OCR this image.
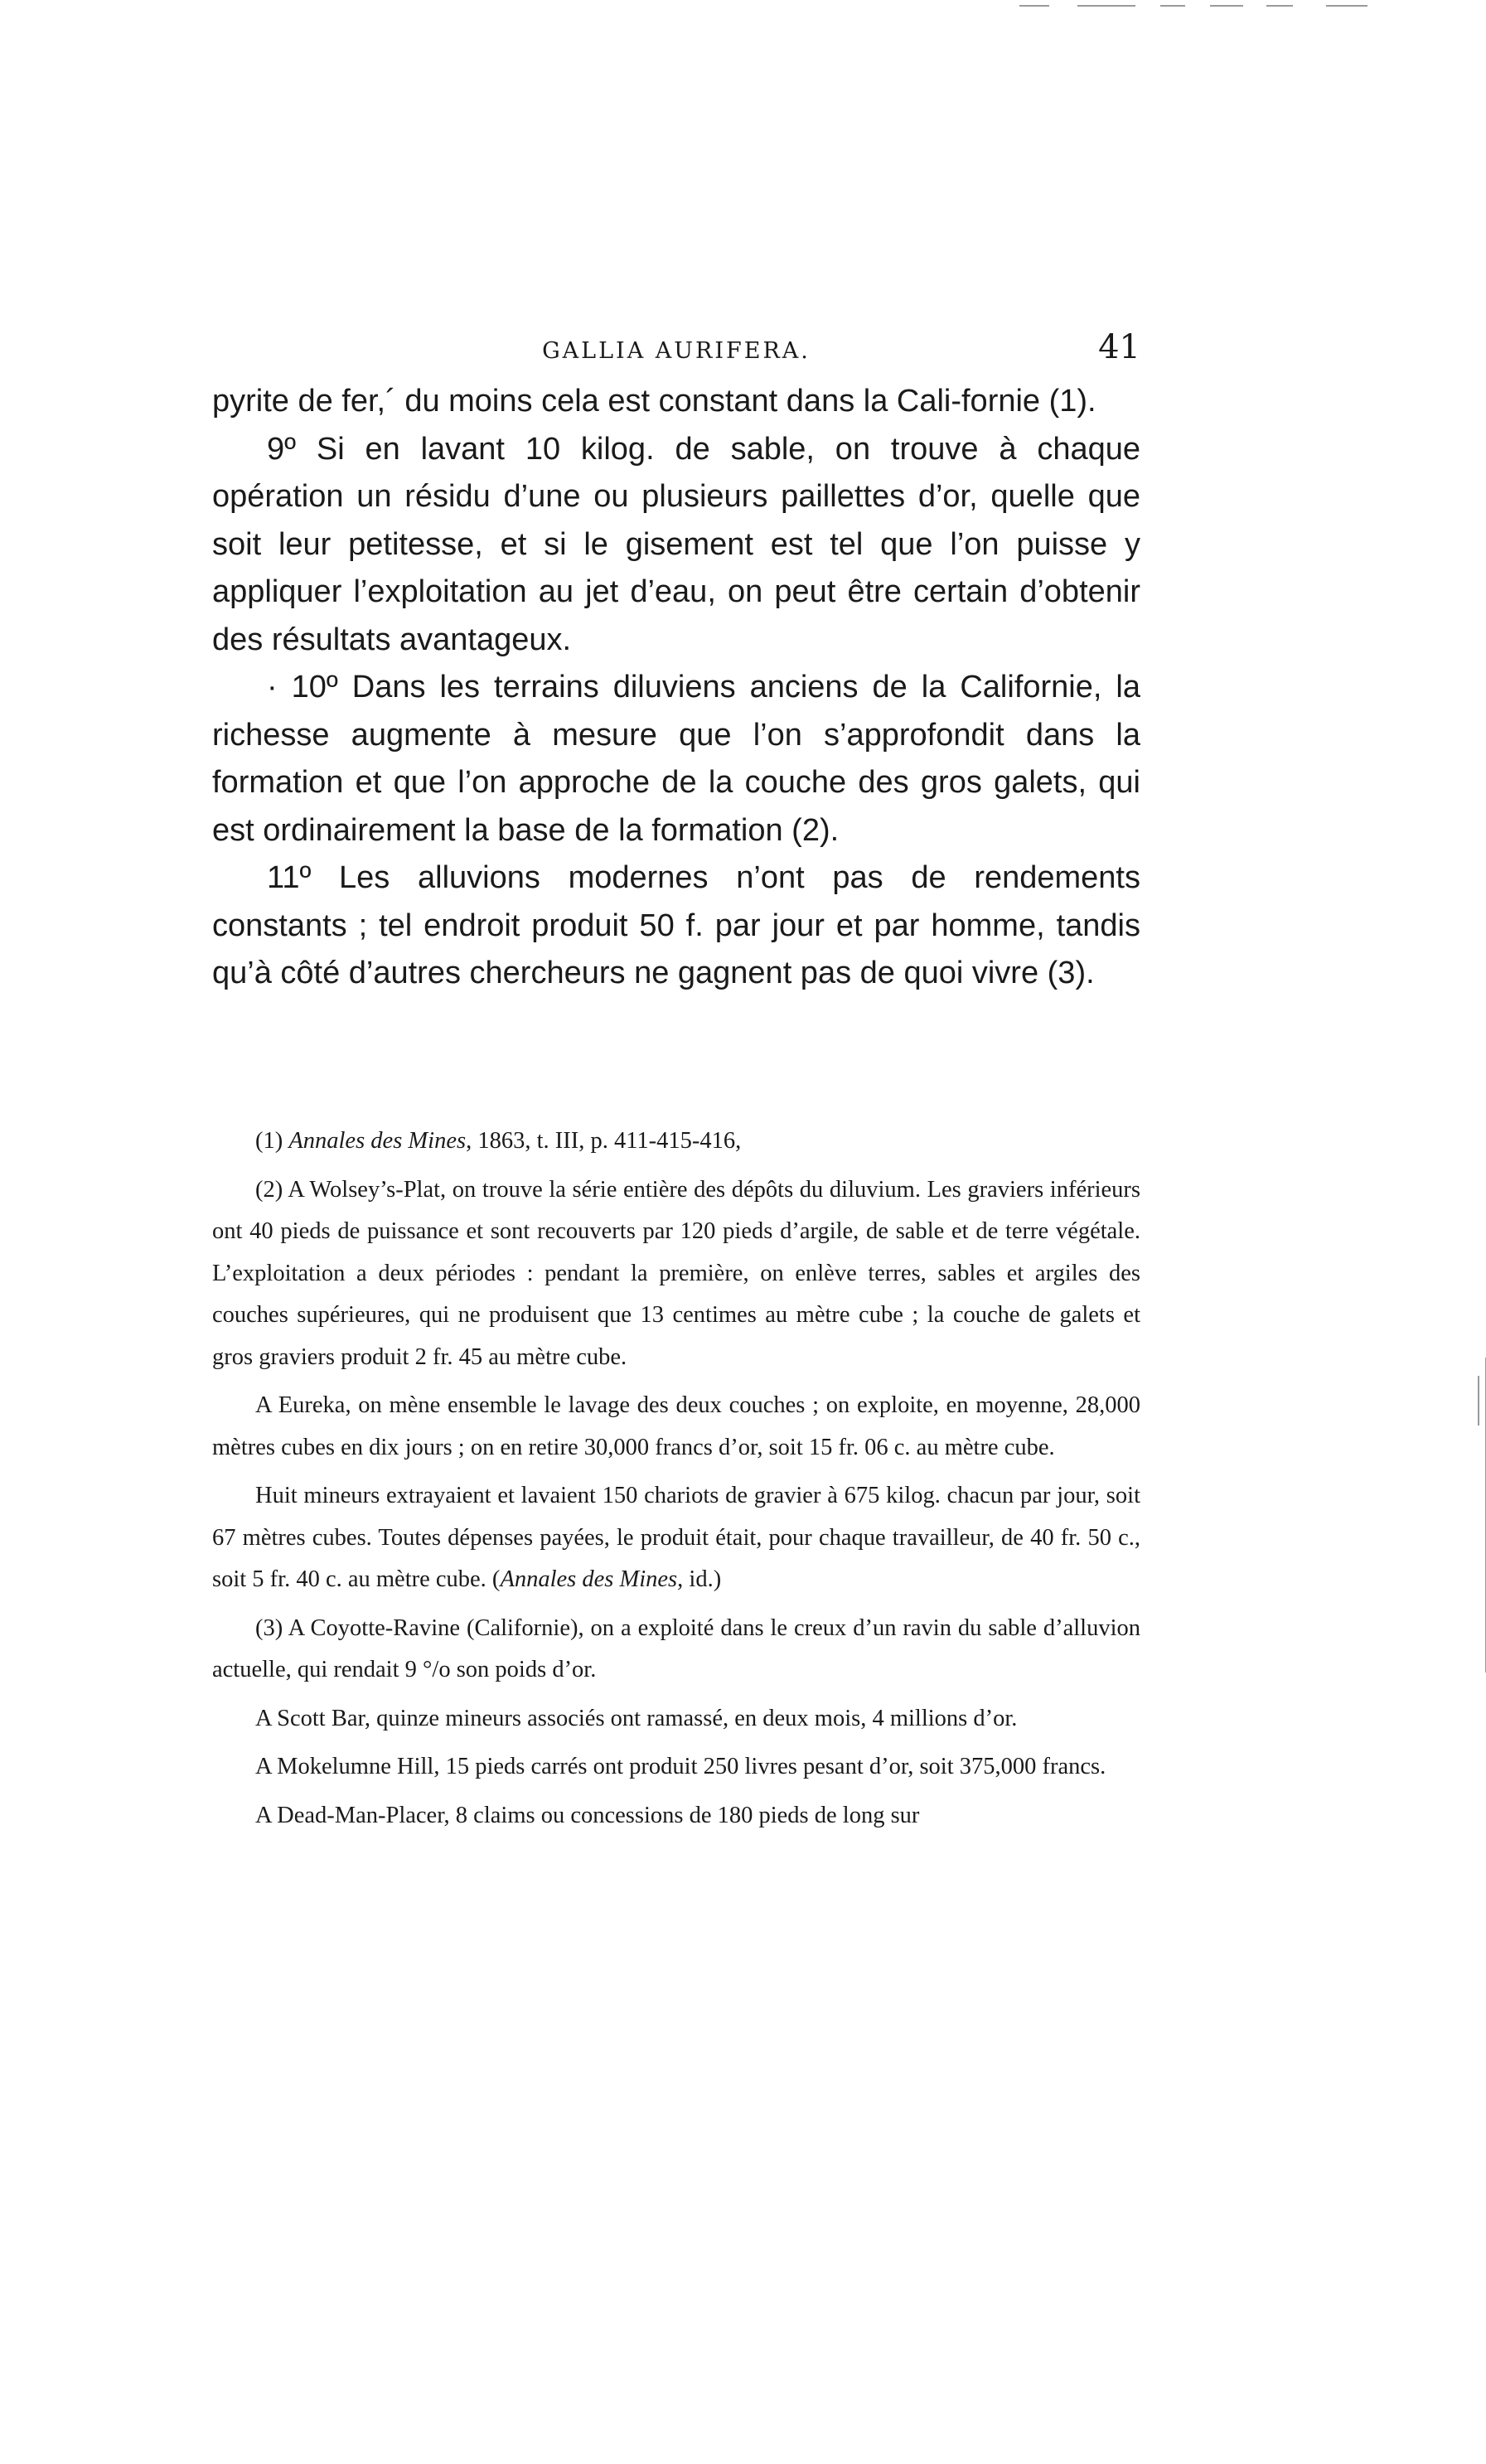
GALLIA AURIFERA.	41

pyrite de fer,´ du moins cela est constant dans la Cali-fornie (1).

9º Si en lavant 10 kilog. de sable, on trouve à chaque opération un résidu d’une ou plusieurs paillettes d’or, quelle que soit leur petitesse, et si le gisement est tel que l’on puisse y appliquer l’exploitation au jet d’eau, on peut être certain d’obtenir des résultats avantageux.

· 10º Dans les terrains diluviens anciens de la Californie, la richesse augmente à mesure que l’on s’approfondit dans la formation et que l’on approche de la couche des gros galets, qui est ordinairement la base de la formation (2).

11º Les alluvions modernes n’ont pas de rendements constants ; tel endroit produit 50 f. par jour et par homme, tandis qu’à côté d’autres chercheurs ne gagnent pas de quoi vivre (3).

(1) Annales des Mines, 1863, t. III, p. 411-415-416,

(2) A Wolsey’s-Plat, on trouve la série entière des dépôts du diluvium. Les graviers inférieurs ont 40 pieds de puissance et sont recouverts par 120 pieds d’argile, de sable et de terre végétale. L’exploitation a deux périodes : pendant la première, on enlève terres, sables et argiles des couches supérieures, qui ne produisent que 13 centimes au mètre cube ; la couche de galets et gros graviers produit 2 fr. 45 au mètre cube.

A Eureka, on mène ensemble le lavage des deux couches ; on exploite, en moyenne, 28,000 mètres cubes en dix jours ; on en retire 30,000 francs d’or, soit 15 fr. 06 c. au mètre cube.

Huit mineurs extrayaient et lavaient 150 chariots de gravier à 675 kilog. chacun par jour, soit 67 mètres cubes. Toutes dépenses payées, le produit était, pour chaque travailleur, de 40 fr. 50 c., soit 5 fr. 40 c. au mètre cube. (Annales des Mines, id.)

(3) A Coyotte-Ravine (Californie), on a exploité dans le creux d’un ravin du sable d’alluvion actuelle, qui rendait 9 °/o son poids d’or.

A Scott Bar, quinze mineurs associés ont ramassé, en deux mois, 4 millions d’or.

A Mokelumne Hill, 15 pieds carrés ont produit 250 livres pesant d’or, soit 375,000 francs.

A Dead-Man-Placer, 8 claims ou concessions de 180 pieds de long sur
